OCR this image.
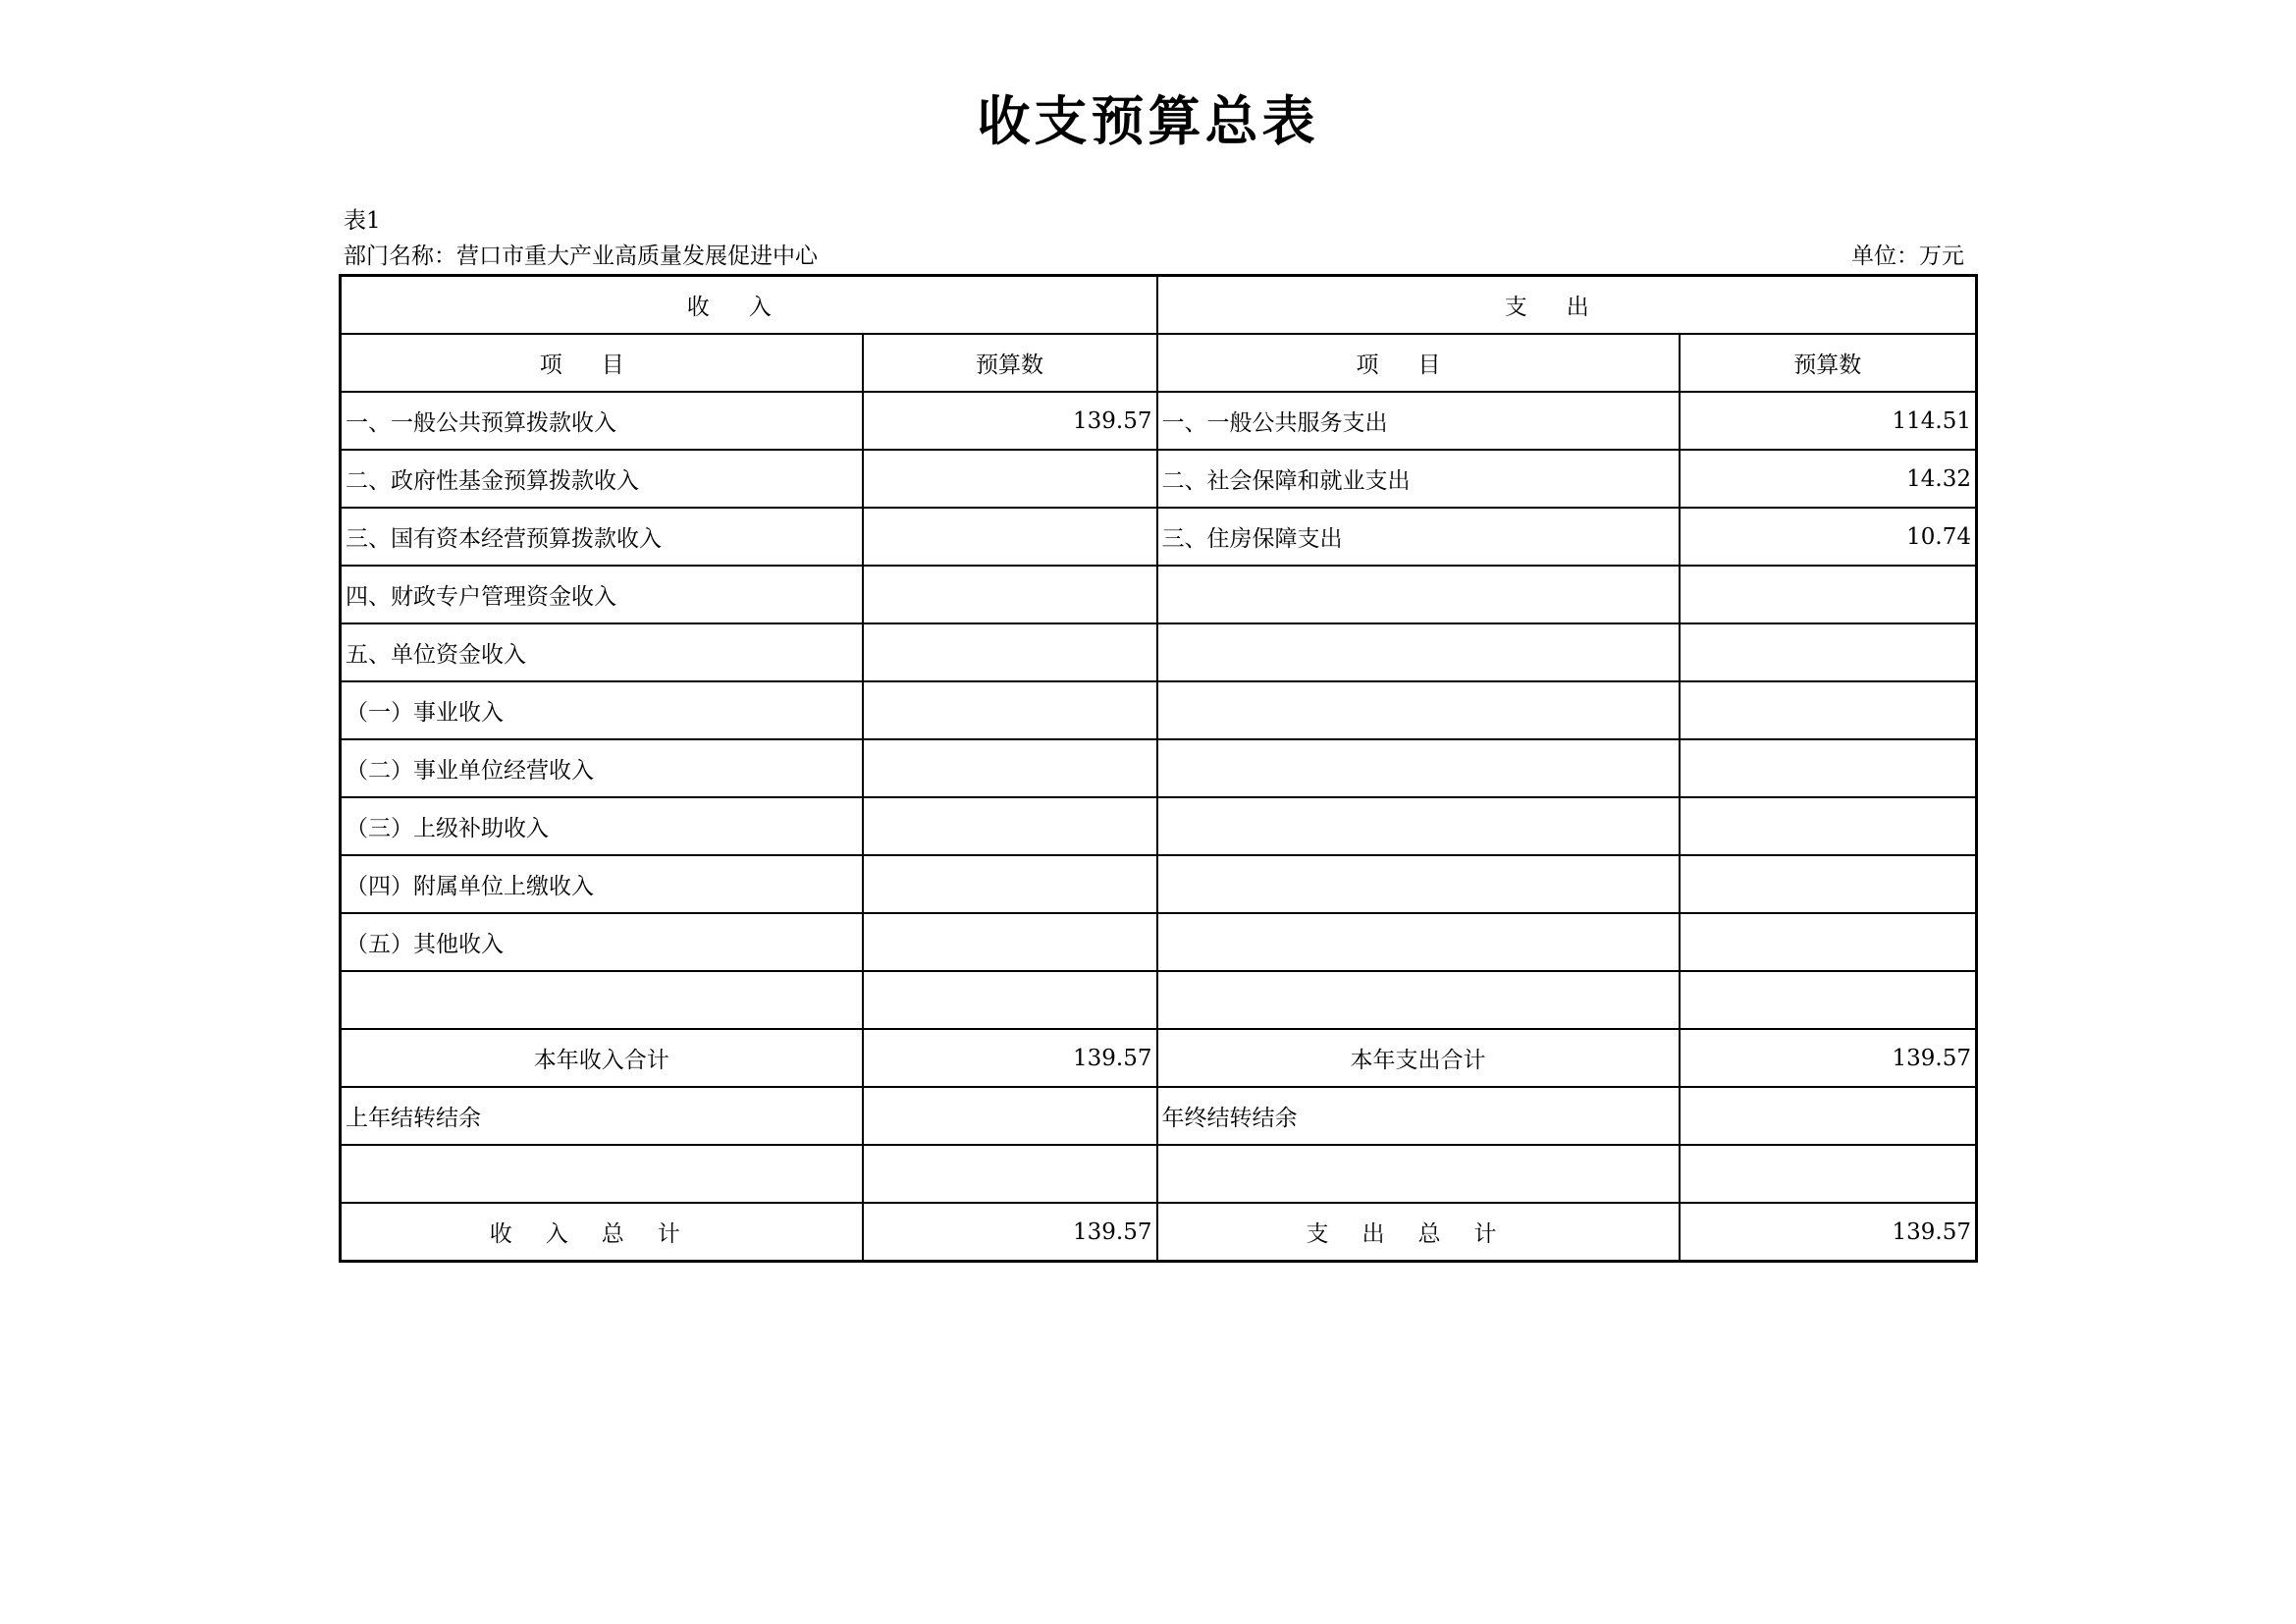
收支预算总表
表1
部门名称：营口市重大产业高质量发展促进中心	单位：万元
收入		支出	
项目	预算数	项目	预算数
一、一般公共预算拨款收入	139.57	一、一般公共服务支出	114.51
二、政府性基金预算拨款收入		二、社会保障和就业支出	14.32
三、国有资本经营预算拨款收入		三、住房保障支出	10.74
四、财政专户管理资金收入			
五、单位资金收入			
（一）事业收入			
（二）事业单位经营收入			
（三）上级补助收入			
（四）附属单位上缴收入			
（五）其他收入			

本年收入合计	139.57	本年支出合计	139.57
上年结转结余		年终结转结余	

收入总计	139.57	支出总计	139.57
